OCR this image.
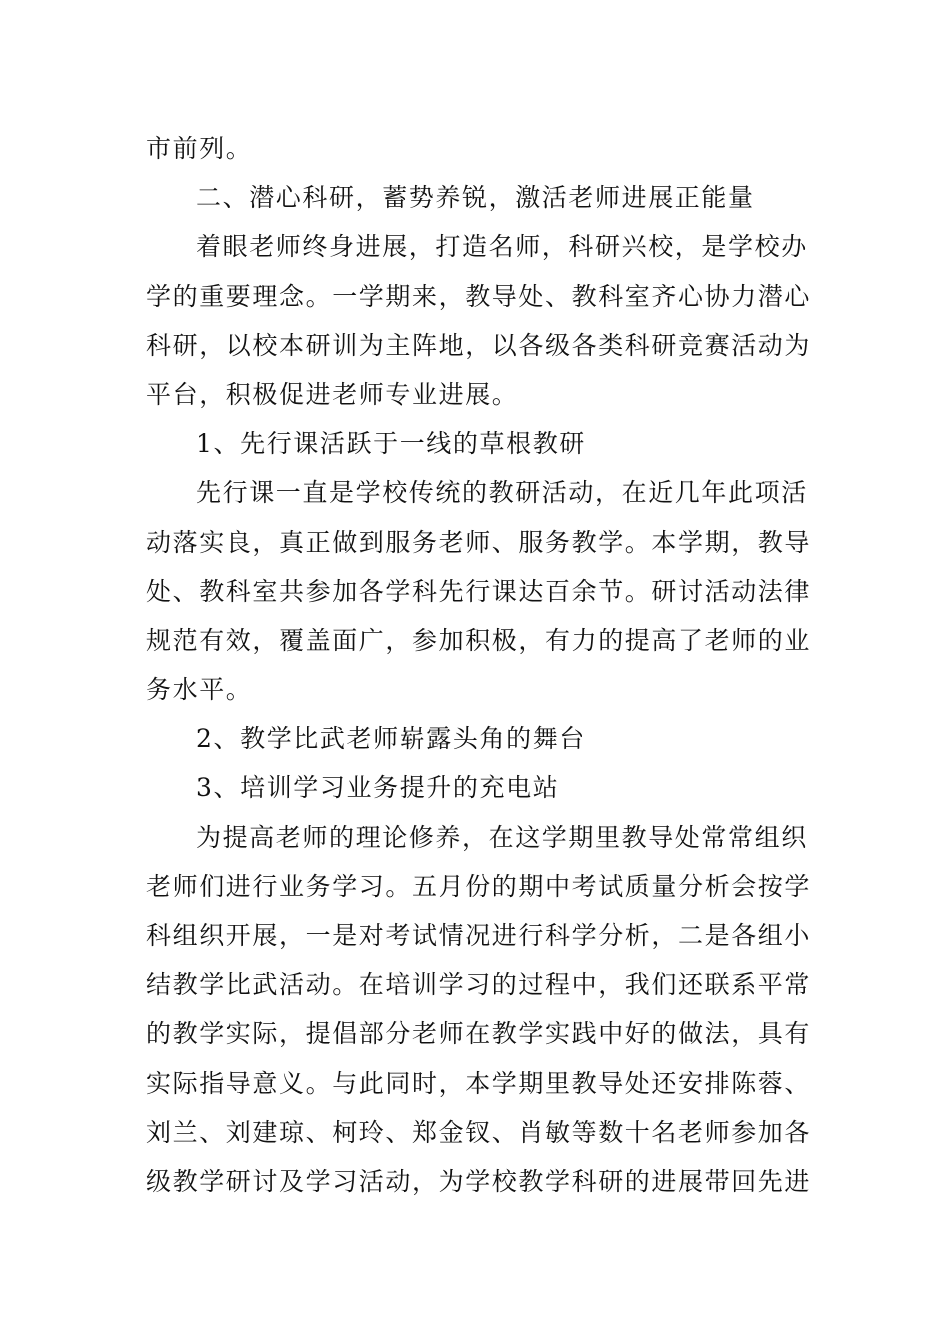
市前列。
二、潜心科研，蓄势养锐，激活老师进展正能量
着眼老师终身进展，打造名师，科研兴校，是学校办
学的重要理念。一学期来，教导处、教科室齐心协力潜心
科研，以校本研训为主阵地，以各级各类科研竞赛活动为
平台，积极促进老师专业进展。
1、先行课活跃于一线的草根教研
先行课一直是学校传统的教研活动，在近几年此项活
动落实良，真正做到服务老师、服务教学。本学期，教导
处、教科室共参加各学科先行课达百余节。研讨活动法律
规范有效，覆盖面广，参加积极，有力的提高了老师的业
务水平。
2、教学比武老师崭露头角的舞台
3、培训学习业务提升的充电站
为提高老师的理论修养，在这学期里教导处常常组织
老师们进行业务学习。五月份的期中考试质量分析会按学
科组织开展，一是对考试情况进行科学分析，二是各组小
结教学比武活动。在培训学习的过程中，我们还联系平常
的教学实际，提倡部分老师在教学实践中好的做法，具有
实际指导意义。与此同时，本学期里教导处还安排陈蓉、
刘兰、刘建琼、柯玲、郑金钗、肖敏等数十名老师参加各
级教学研讨及学习活动，为学校教学科研的进展带回先进
